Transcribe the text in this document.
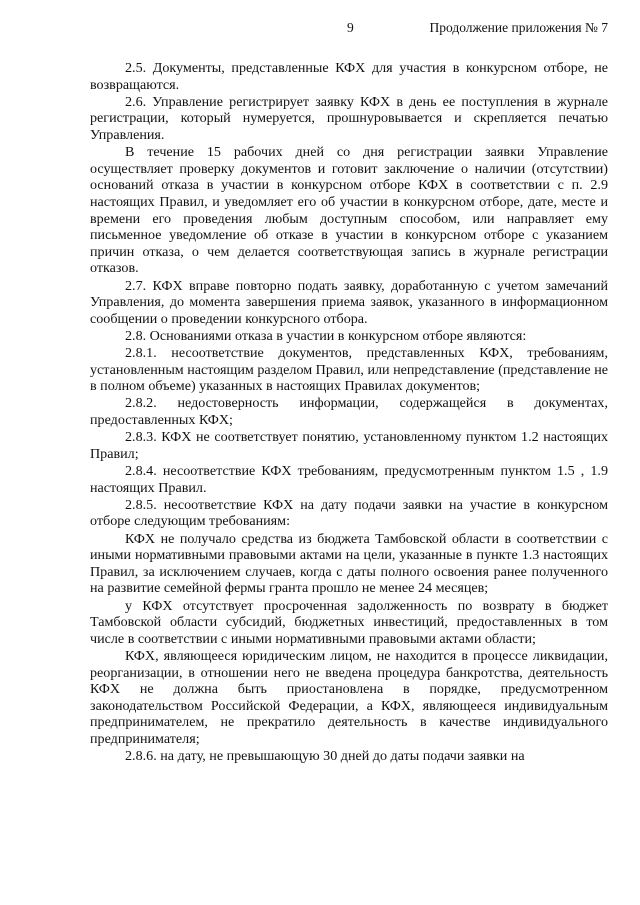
9	Продолжение приложения № 7

2.5. Документы, представленные КФХ для участия в конкурсном отборе, не возвращаются.

2.6. Управление регистрирует заявку КФХ в день ее поступления в журнале регистрации, который нумеруется, прошнуровывается и скрепляется печатью Управления.

В течение 15 рабочих дней со дня регистрации заявки Управление осуществляет проверку документов и готовит заключение о наличии (отсутствии) оснований отказа в участии в конкурсном отборе КФХ в соответствии с п. 2.9 настоящих Правил, и уведомляет его об участии в конкурсном отборе, дате, месте и времени его проведения любым доступным способом, или направляет ему письменное уведомление об отказе в участии в конкурсном отборе с указанием причин отказа, о чем делается соответствующая запись в журнале регистрации отказов.

2.7. КФХ вправе повторно подать заявку, доработанную с учетом замечаний Управления, до момента завершения приема заявок, указанного в информационном сообщении о проведении конкурсного отбора.

2.8. Основаниями отказа в участии в конкурсном отборе являются:

2.8.1. несоответствие документов, представленных КФХ, требованиям, установленным настоящим разделом Правил, или непредставление (представление не в полном объеме) указанных в настоящих Правилах документов;

2.8.2. недостоверность информации, содержащейся в документах, предоставленных КФХ;

2.8.3. КФХ не соответствует понятию, установленному пунктом 1.2 настоящих Правил;

2.8.4. несоответствие КФХ требованиям, предусмотренным пунктом 1.5 , 1.9 настоящих Правил.

2.8.5. несоответствие КФХ на дату подачи заявки на участие в конкурсном отборе следующим требованиям:

КФХ не получало средства из бюджета Тамбовской области в соответствии с иными нормативными правовыми актами на цели, указанные в пункте 1.3 настоящих Правил, за исключением случаев, когда с даты полного освоения ранее полученного на развитие семейной фермы гранта прошло не менее 24 месяцев;

у КФХ отсутствует просроченная задолженность по возврату в бюджет Тамбовской области субсидий, бюджетных инвестиций, предоставленных в том числе в соответствии с иными нормативными правовыми актами области;

КФХ, являющееся юридическим лицом, не находится в процессе ликвидации, реорганизации, в отношении него не введена процедура банкротства, деятельность КФХ не должна быть приостановлена в порядке, предусмотренном законодательством Российской Федерации, а КФХ, являющееся индивидуальным предпринимателем, не прекратило деятельность в качестве индивидуального предпринимателя;

2.8.6. на дату, не превышающую 30 дней до даты подачи заявки на
